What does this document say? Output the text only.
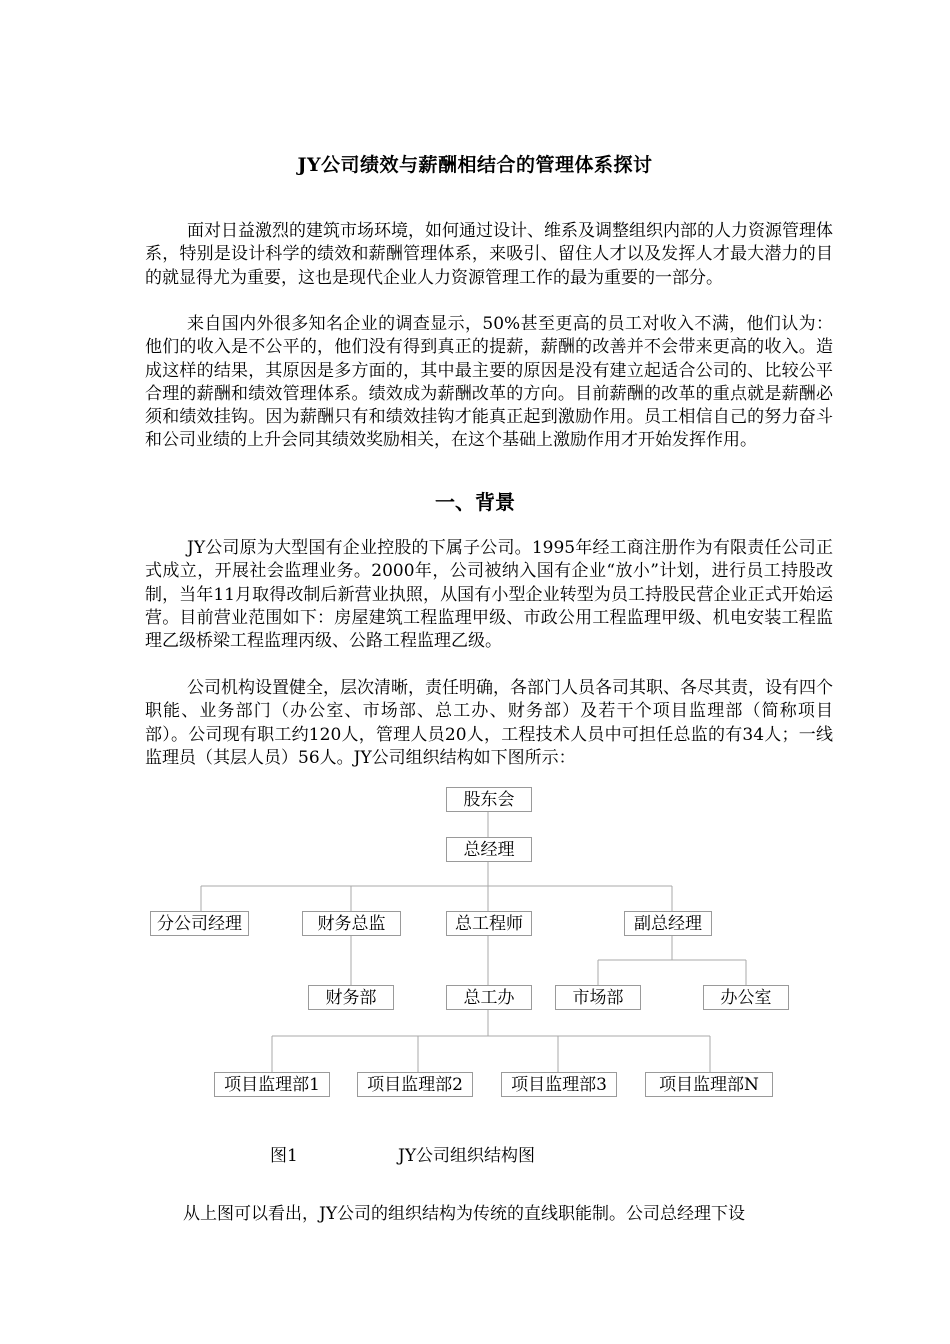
JY公司绩效与薪酬相结合的管理体系探讨

面对日益激烈的建筑市场环境，如何通过设计、维系及调整组织内部的人力资源管理体系，特别是设计科学的绩效和薪酬管理体系，来吸引、留住人才以及发挥人才最大潜力的目的就显得尤为重要，这也是现代企业人力资源管理工作的最为重要的一部分。

来自国内外很多知名企业的调查显示，50%甚至更高的员工对收入不满，他们认为：他们的收入是不公平的，他们没有得到真正的提薪，薪酬的改善并不会带来更高的收入。造成这样的结果，其原因是多方面的，其中最主要的原因是没有建立起适合公司的、比较公平合理的薪酬和绩效管理体系。绩效成为薪酬改革的方向。目前薪酬的改革的重点就是薪酬必须和绩效挂钩。因为薪酬只有和绩效挂钩才能真正起到激励作用。员工相信自己的努力奋斗和公司业绩的上升会同其绩效奖励相关，在这个基础上激励作用才开始发挥作用。

一、背景

JY公司原为大型国有企业控股的下属子公司。1995年经工商注册作为有限责任公司正式成立，开展社会监理业务。2000年，公司被纳入国有企业“放小”计划，进行员工持股改制，当年11月取得改制后新营业执照，从国有小型企业转型为员工持股民营企业正式开始运营。目前营业范围如下：房屋建筑工程监理甲级、市政公用工程监理甲级、机电安装工程监理乙级桥梁工程监理丙级、公路工程监理乙级。

公司机构设置健全，层次清晰，责任明确，各部门人员各司其职、各尽其责，设有四个职能、业务部门（办公室、市场部、总工办、财务部）及若干个项目监理部（简称项目部）。公司现有职工约120人，管理人员20人，工程技术人员中可担任总监的有34人；一线监理员（其层人员）56人。JY公司组织结构如下图所示：

股东会
总经理
分公司经理	财务总监	总工程师	副总经理
财务部	总工办	市场部	办公室
项目监理部1	项目监理部2	项目监理部3	项目监理部N
图1	JY公司组织结构图

从上图可以看出，JY公司的组织结构为传统的直线职能制。公司总经理下设
